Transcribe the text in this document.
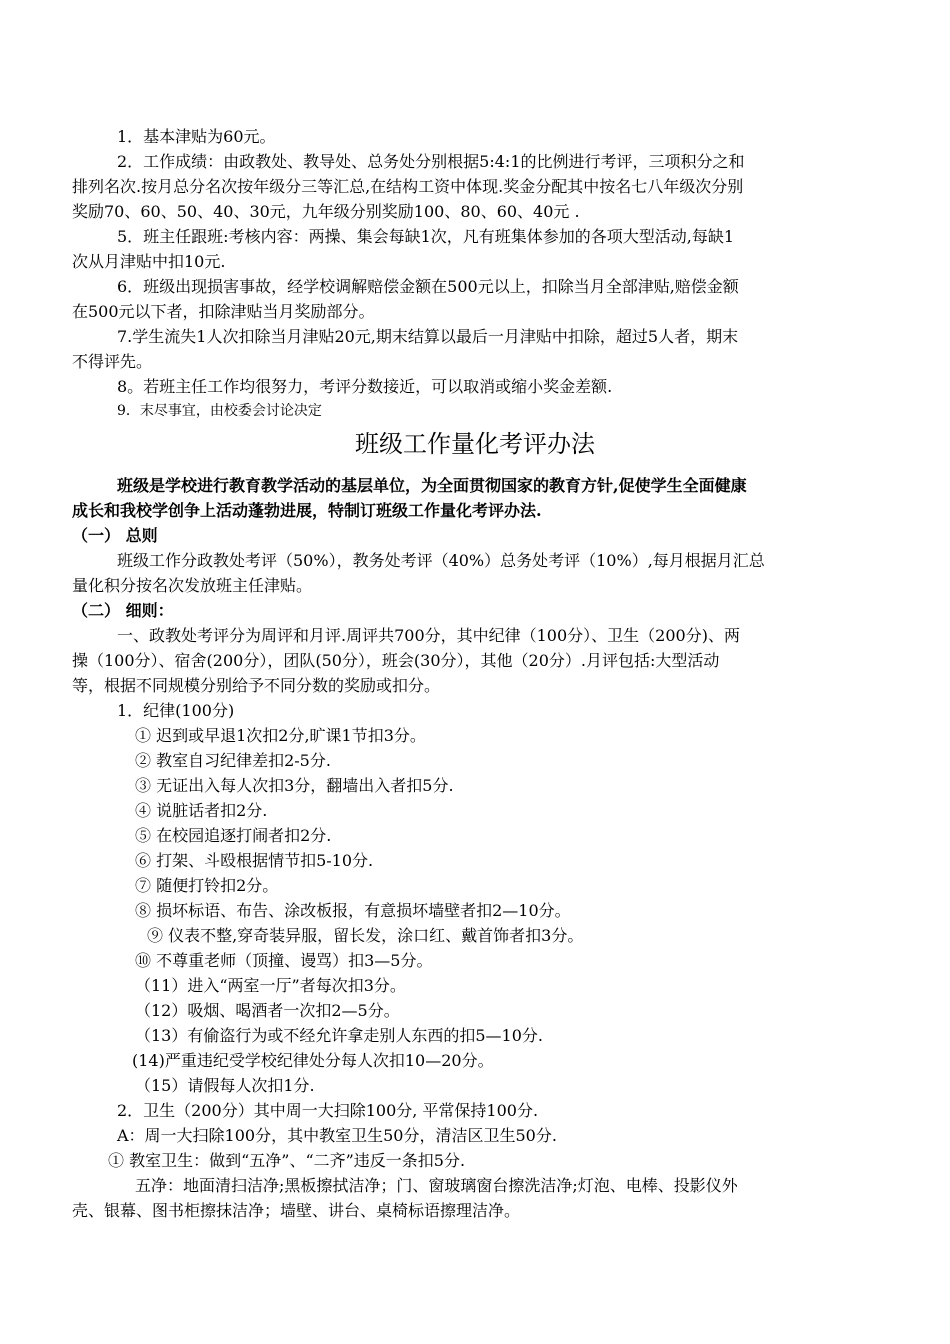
1．基本津贴为60元。
2．工作成绩：由政教处、教导处、总务处分别根据5:4:1的比例进行考评，三项积分之和
排列名次.按月总分名次按年级分三等汇总,在结构工资中体现.奖金分配其中按名七八年级次分别
奖励70、60、50、40、30元，九年级分别奖励100、80、60、40元 .
5．班主任跟班:考核内容：两操、集会每缺1次，凡有班集体参加的各项大型活动,每缺1
次从月津贴中扣10元.
6．班级出现损害事故，经学校调解赔偿金额在500元以上，扣除当月全部津贴,赔偿金额
在500元以下者，扣除津贴当月奖励部分。
7.学生流失1人次扣除当月津贴20元,期末结算以最后一月津贴中扣除，超过5人者，期末
不得评先。
8。若班主任工作均很努力，考评分数接近，可以取消或缩小奖金差额.
9．末尽事宜，由校委会讨论决定
班级工作量化考评办法
班级是学校进行教育教学活动的基层单位，为全面贯彻国家的教育方针,促使学生全面健康
成长和我校学创争上活动蓬勃进展，特制订班级工作量化考评办法.
（一） 总则
班级工作分政教处考评（50%），教务处考评（40%）总务处考评（10%）,每月根据月汇总
量化积分按名次发放班主任津贴。
（二） 细则：
一、政教处考评分为周评和月评.周评共700分，其中纪律（100分）、卫生（200分)、两
操（100分）、宿舍(200分），团队(50分），班会(30分），其他（20分）.月评包括:大型活动
等，根据不同规模分别给予不同分数的奖励或扣分。
1．纪律(100分)
① 迟到或早退1次扣2分,旷课1节扣3分。
② 教室自习纪律差扣2-5分.
③ 无证出入每人次扣3分，翻墙出入者扣5分.
④ 说脏话者扣2分.
⑤ 在校园追逐打闹者扣2分.
⑥ 打架、斗殴根据情节扣5-10分.
⑦ 随便打铃扣2分。
⑧ 损坏标语、布告、涂改板报，有意损坏墙壁者扣2—10分。
⑨ 仪表不整,穿奇装异服，留长发，涂口红、戴首饰者扣3分。
⑩ 不尊重老师（顶撞、谩骂）扣3—5分。
（11）进入“两室一厅”者每次扣3分。
（12）吸烟、喝酒者一次扣2—5分。
（13）有偷盗行为或不经允许拿走别人东西的扣5—10分.
(14)严重违纪受学校纪律处分每人次扣10—20分。
（15）请假每人次扣1分.
2．卫生（200分）其中周一大扫除100分, 平常保持100分.
A：周一大扫除100分，其中教室卫生50分，清洁区卫生50分.
① 教室卫生：做到“五净”、“二齐”违反一条扣5分.
五净：地面清扫洁净;黑板擦拭洁净；门、窗玻璃窗台擦洗洁净;灯泡、电棒、投影仪外
壳、银幕、图书柜擦抹洁净；墙壁、讲台、桌椅标语擦理洁净。
